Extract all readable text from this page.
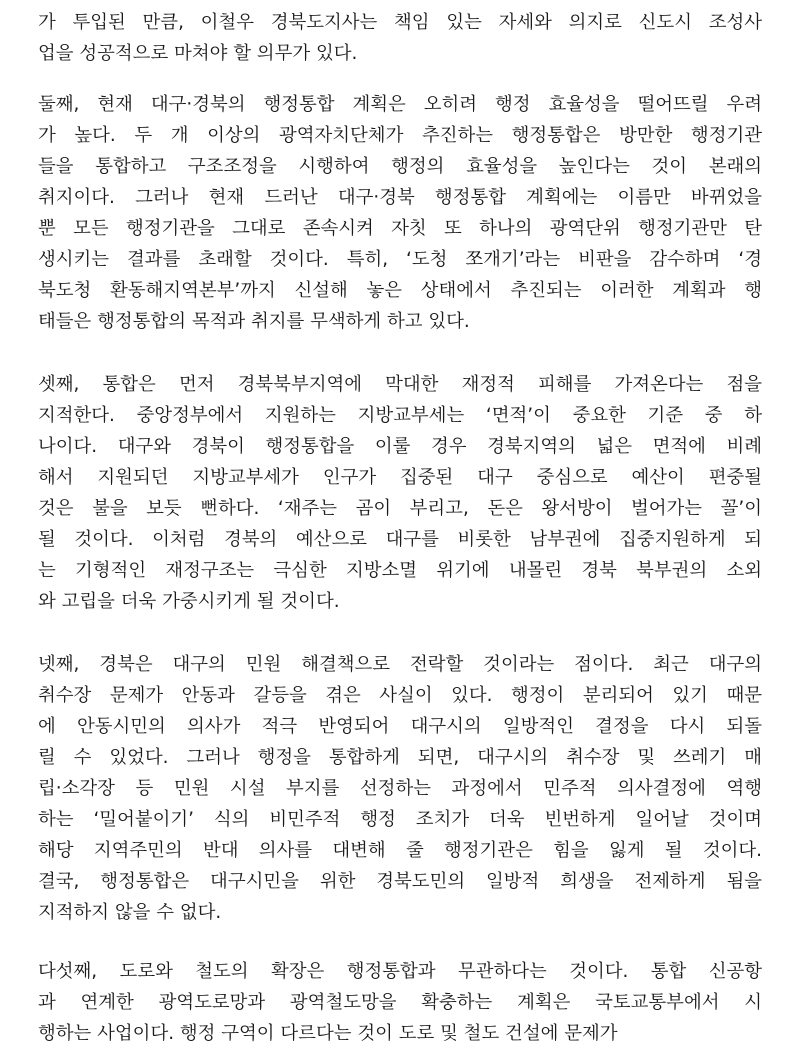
가 투입된 만큼, 이철우 경북도지사는 책임 있는 자세와 의지로 신도시 조성사
업을 성공적으로 마쳐야 할 의무가 있다.
둘째, 현재 대구·경북의 행정통합 계획은 오히려 행정 효율성을 떨어뜨릴 우려
가 높다. 두 개 이상의 광역자치단체가 추진하는 행정통합은 방만한 행정기관
들을 통합하고 구조조정을 시행하여 행정의 효율성을 높인다는 것이 본래의
취지이다. 그러나 현재 드러난 대구·경북 행정통합 계획에는 이름만 바뀌었을
뿐 모든 행정기관을 그대로 존속시켜 자칫 또 하나의 광역단위 행정기관만 탄
생시키는 결과를 초래할 것이다. 특히, ‘도청 쪼개기’라는 비판을 감수하며 ‘경
북도청 환동해지역본부’까지 신설해 놓은 상태에서 추진되는 이러한 계획과 행
태들은 행정통합의 목적과 취지를 무색하게 하고 있다.
셋째, 통합은 먼저 경북북부지역에 막대한 재정적 피해를 가져온다는 점을
지적한다. 중앙정부에서 지원하는 지방교부세는 ‘면적’이 중요한 기준 중 하
나이다. 대구와 경북이 행정통합을 이룰 경우 경북지역의 넓은 면적에 비례
해서 지원되던 지방교부세가 인구가 집중된 대구 중심으로 예산이 편중될
것은 불을 보듯 뻔하다. ‘재주는 곰이 부리고, 돈은 왕서방이 벌어가는 꼴’이
될 것이다. 이처럼 경북의 예산으로 대구를 비롯한 남부권에 집중지원하게 되
는 기형적인 재정구조는 극심한 지방소멸 위기에 내몰린 경북 북부권의 소외
와 고립을 더욱 가중시키게 될 것이다.
넷째, 경북은 대구의 민원 해결책으로 전락할 것이라는 점이다. 최근 대구의
취수장 문제가 안동과 갈등을 겪은 사실이 있다. 행정이 분리되어 있기 때문
에 안동시민의 의사가 적극 반영되어 대구시의 일방적인 결정을 다시 되돌
릴 수 있었다. 그러나 행정을 통합하게 되면, 대구시의 취수장 및 쓰레기 매
립·소각장 등 민원 시설 부지를 선정하는 과정에서 민주적 의사결정에 역행
하는 ‘밀어붙이기’ 식의 비민주적 행정 조치가 더욱 빈번하게 일어날 것이며
해당 지역주민의 반대 의사를 대변해 줄 행정기관은 힘을 잃게 될 것이다.
결국, 행정통합은 대구시민을 위한 경북도민의 일방적 희생을 전제하게 됨을
지적하지 않을 수 없다.
다섯째, 도로와 철도의 확장은 행정통합과 무관하다는 것이다. 통합 신공항
과 연계한 광역도로망과 광역철도망을 확충하는 계획은 국토교통부에서 시
행하는 사업이다. 행정 구역이 다르다는 것이 도로 및 철도 건설에 문제가
